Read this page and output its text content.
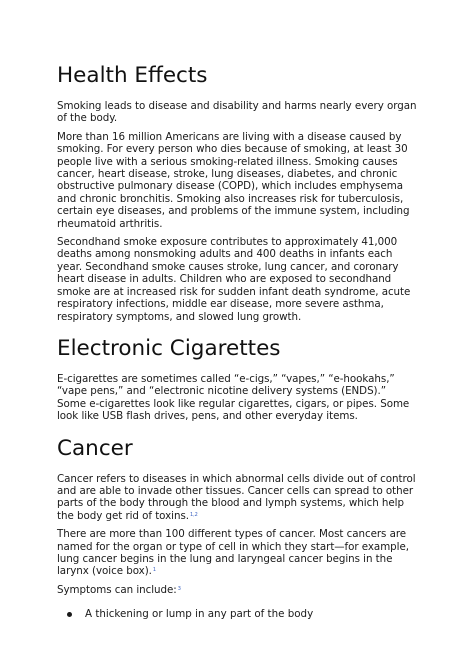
Health Effects

Smoking leads to disease and disability and harms nearly every organ of the body.

More than 16 million Americans are living with a disease caused by smoking. For every person who dies because of smoking, at least 30 people live with a serious smoking-related illness. Smoking causes cancer, heart disease, stroke, lung diseases, diabetes, and chronic obstructive pulmonary disease (COPD), which includes emphysema and chronic bronchitis. Smoking also increases risk for tuberculosis, certain eye diseases, and problems of the immune system, including rheumatoid arthritis.

Secondhand smoke exposure contributes to approximately 41,000 deaths among nonsmoking adults and 400 deaths in infants each year. Secondhand smoke causes stroke, lung cancer, and coronary heart disease in adults. Children who are exposed to secondhand smoke are at increased risk for sudden infant death syndrome, acute respiratory infections, middle ear disease, more severe asthma, respiratory symptoms, and slowed lung growth.

Electronic Cigarettes

E-cigarettes are sometimes called “e-cigs,” “vapes,” “e-hookahs,” “vape pens,” and “electronic nicotine delivery systems (ENDS).” Some e-cigarettes look like regular cigarettes, cigars, or pipes. Some look like USB flash drives, pens, and other everyday items.

Cancer

Cancer refers to diseases in which abnormal cells divide out of control and are able to invade other tissues. Cancer cells can spread to other parts of the body through the blood and lymph systems, which help the body get rid of toxins.$^{1,2}$

There are more than 100 different types of cancer. Most cancers are named for the organ or type of cell in which they start—for example, lung cancer begins in the lung and laryngeal cancer begins in the larynx (voice box).$^1$

Symptoms can include:$^3$

A thickening or lump in any part of the body
